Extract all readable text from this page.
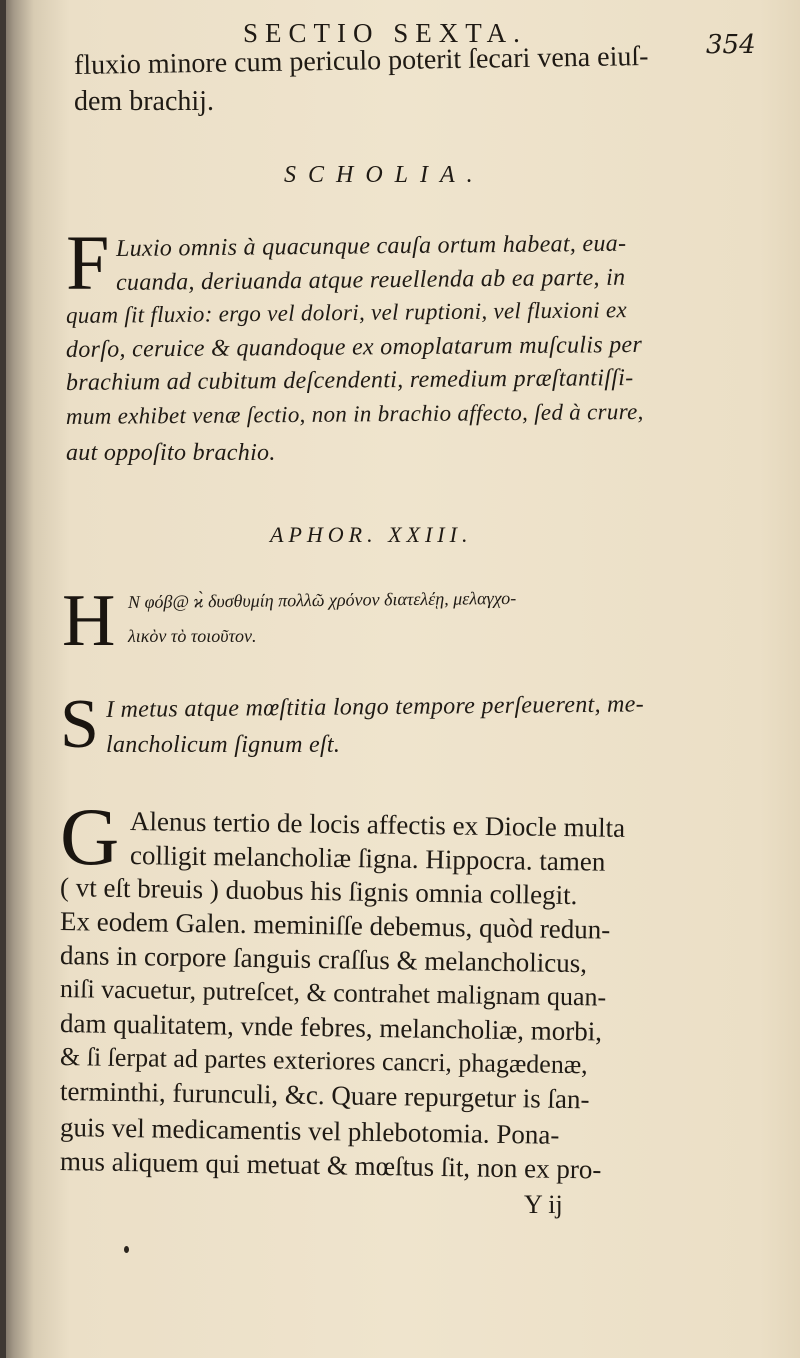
SECTIO SEXTA.	354
fluxio minore cum periculo poterit ſecari vena eiuſ-
dem brachij.
SCHOLIA.
F Luxio omnis à quacunque cauſa ortum habeat, eua-
cuanda, deriuanda atque reuellenda ab ea parte, in
quam ſit fluxio: ergo vel dolori, vel ruptioni, vel fluxioni ex
dorſo, ceruice & quandoque ex omoplatarum muſculis per
brachium ad cubitum deſcendenti, remedium præſtantiſſi-
mum exhibet venæ ſectio, non in brachio affecto, ſed à crure,
aut oppoſito brachio.
APHOR. XXIII.
H Ν φόβ@ ϰ̀ δυσθυμίη πολλῶ χρόνον διατελέῃ, μελαγχο-
λικὸν τὸ τοιοῦτον.
S I metus atque mœſtitia longo tempore perſeuerent, me-
lancholicum ſignum eſt.
G Alenus tertio de locis affectis ex Diocle multa
colligit melancholiæ ſigna. Hippocra. tamen
( vt eſt breuis ) duobus his ſignis omnia collegit.
Ex eodem Galen. meminiſſe debemus, quòd redun-
dans in corpore ſanguis craſſus & melancholicus,
niſi vacuetur, putreſcet, & contrahet malignam quan-
dam qualitatem, vnde febres, melancholiæ, morbi,
& ſi ſerpat ad partes exteriores cancri, phagædenæ,
terminthi, furunculi, &c. Quare repurgetur is ſan-
guis vel medicamentis vel phlebotomia. Pona-
mus aliquem qui metuat & mœſtus ſit, non ex pro-
Y ij
